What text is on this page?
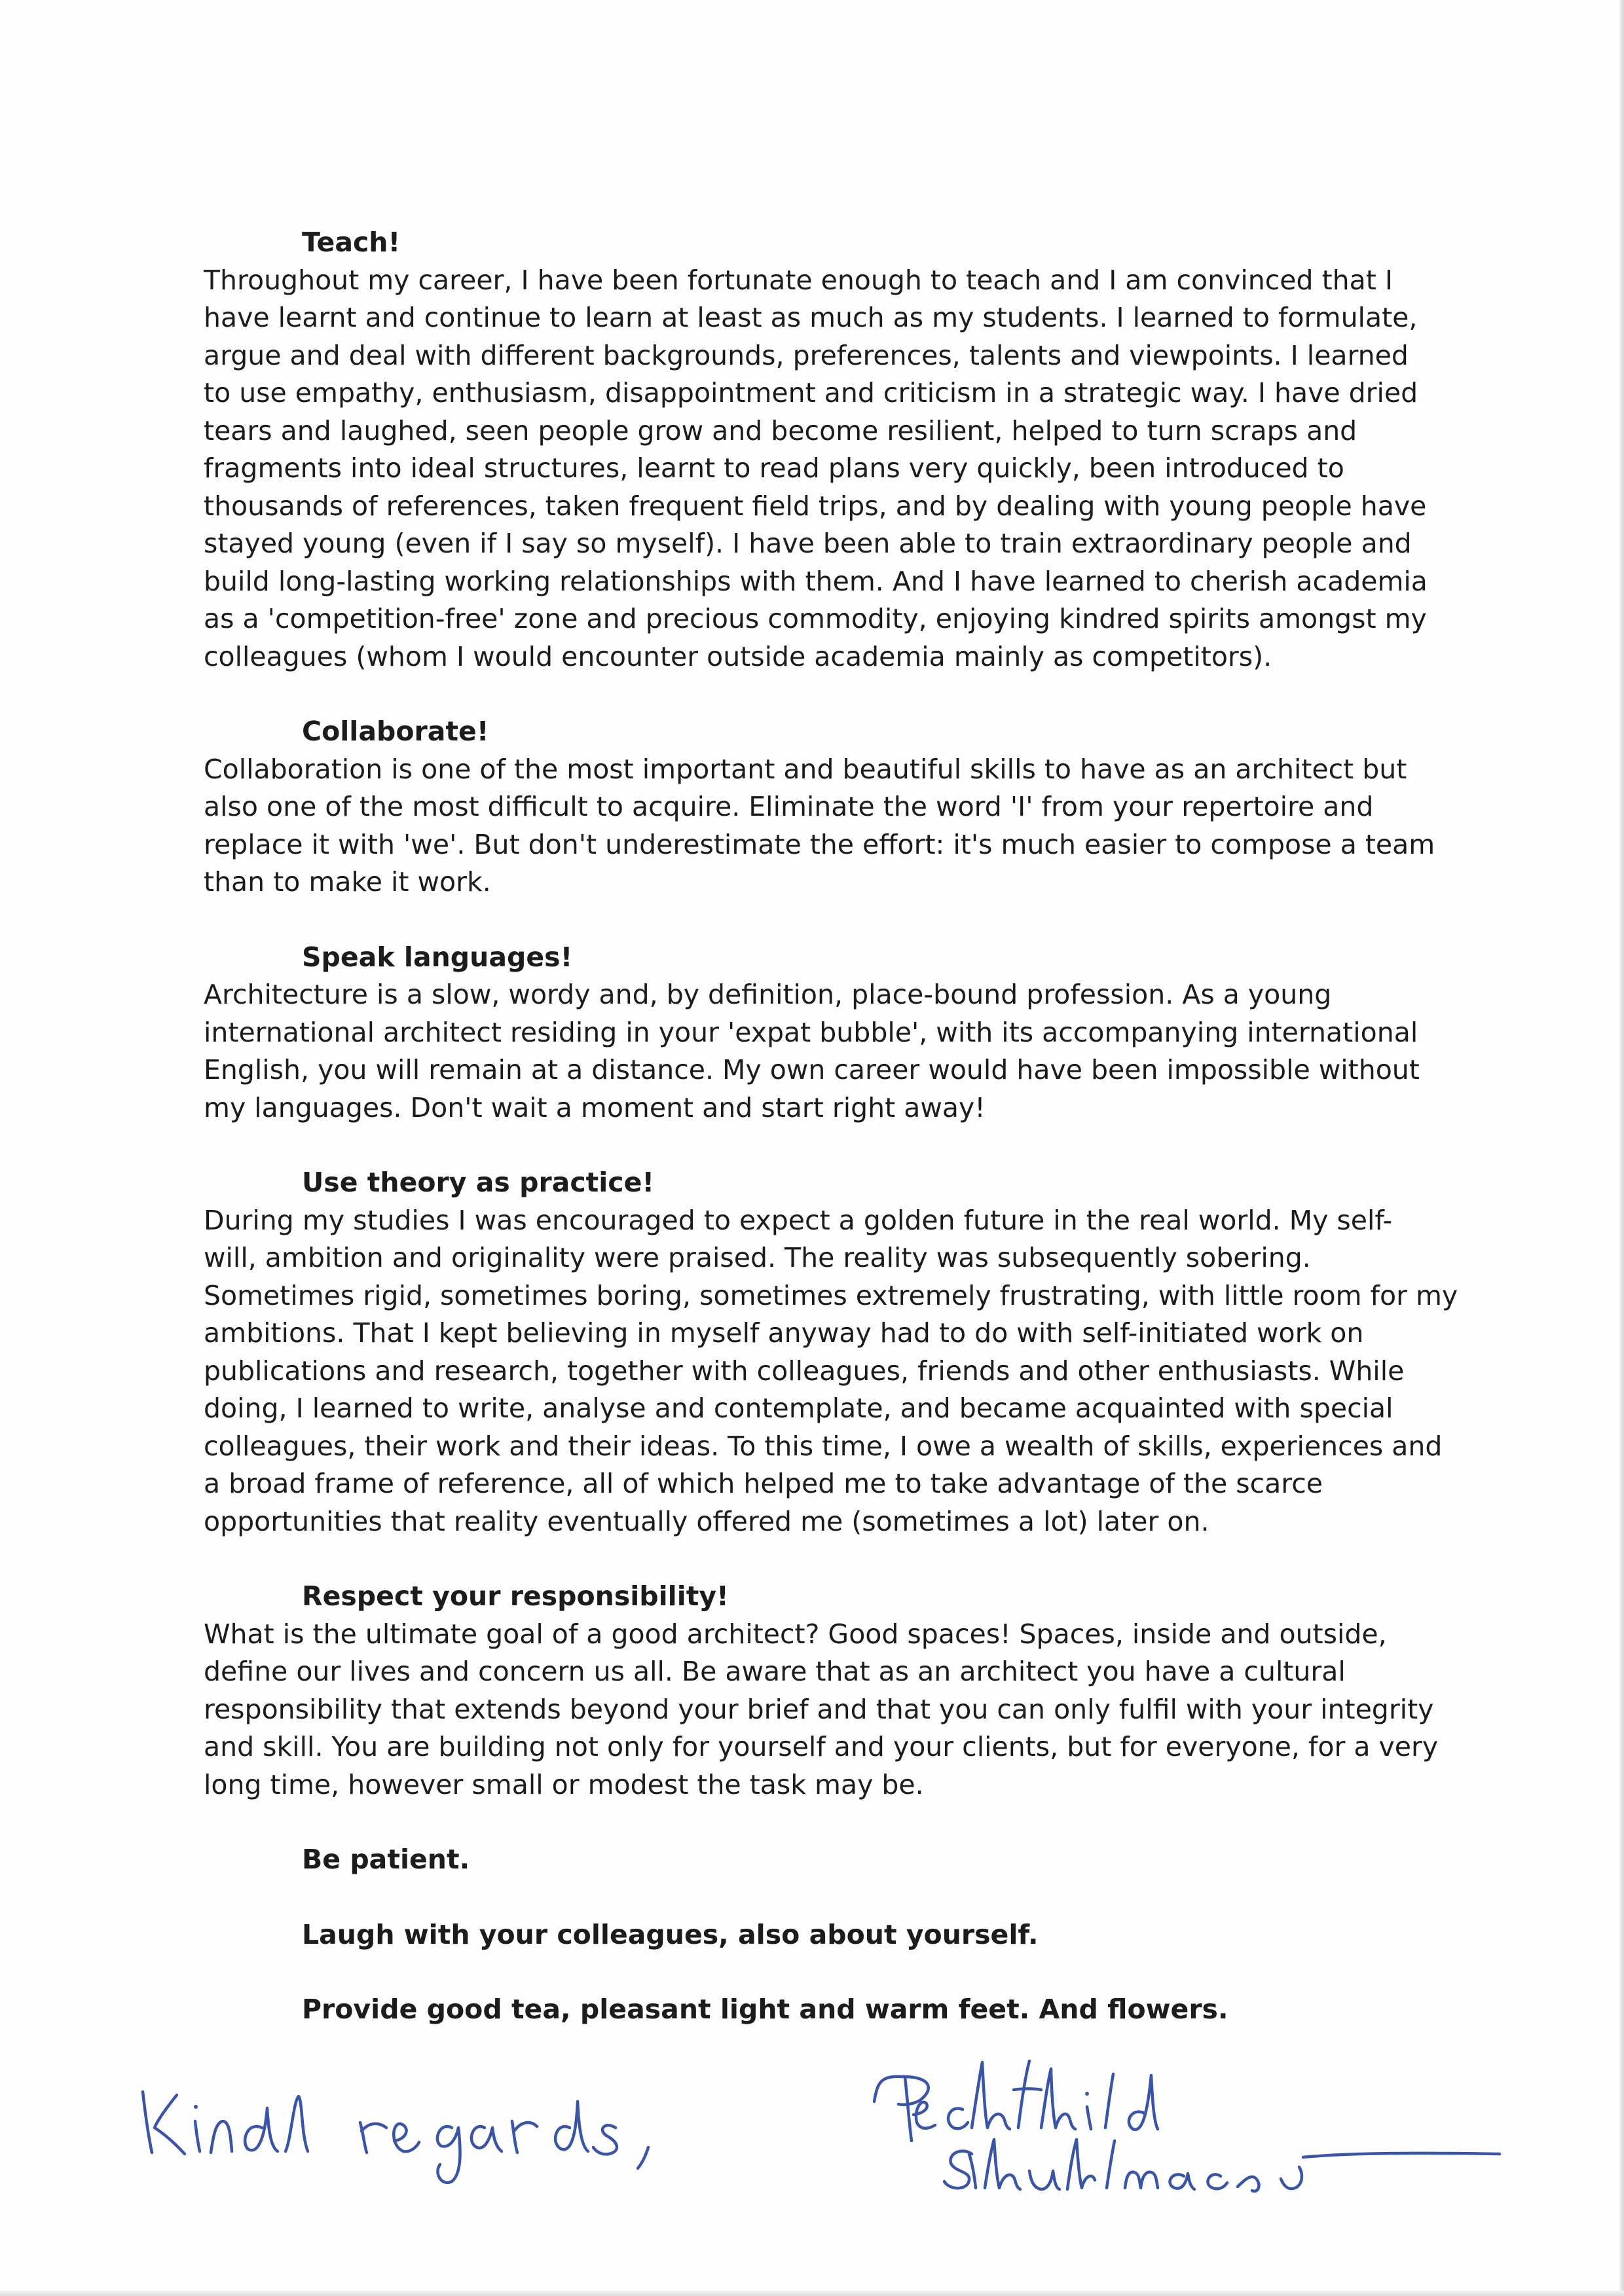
Teach!
Throughout my career, I have been fortunate enough to teach and I am convinced that I
have learnt and continue to learn at least as much as my students. I learned to formulate,
argue and deal with different backgrounds, preferences, talents and viewpoints. I learned
to use empathy, enthusiasm, disappointment and criticism in a strategic way. I have dried
tears and laughed, seen people grow and become resilient, helped to turn scraps and
fragments into ideal structures, learnt to read plans very quickly, been introduced to
thousands of references, taken frequent field trips, and by dealing with young people have
stayed young (even if I say so myself). I have been able to train extraordinary people and
build long-lasting working relationships with them. And I have learned to cherish academia
as a 'competition-free' zone and precious commodity, enjoying kindred spirits amongst my
colleagues (whom I would encounter outside academia mainly as competitors).
Collaborate!
Collaboration is one of the most important and beautiful skills to have as an architect but
also one of the most difficult to acquire. Eliminate the word 'I' from your repertoire and
replace it with 'we'. But don't underestimate the effort: it's much easier to compose a team
than to make it work.
Speak languages!
Architecture is a slow, wordy and, by definition, place-bound profession. As a young
international architect residing in your 'expat bubble', with its accompanying international
English, you will remain at a distance. My own career would have been impossible without
my languages. Don't wait a moment and start right away!
Use theory as practice!
During my studies I was encouraged to expect a golden future in the real world. My self-
will, ambition and originality were praised. The reality was subsequently sobering.
Sometimes rigid, sometimes boring, sometimes extremely frustrating, with little room for my
ambitions. That I kept believing in myself anyway had to do with self-initiated work on
publications and research, together with colleagues, friends and other enthusiasts. While
doing, I learned to write, analyse and contemplate, and became acquainted with special
colleagues, their work and their ideas. To this time, I owe a wealth of skills, experiences and
a broad frame of reference, all of which helped me to take advantage of the scarce
opportunities that reality eventually offered me (sometimes a lot) later on.
Respect your responsibility!
What is the ultimate goal of a good architect? Good spaces! Spaces, inside and outside,
define our lives and concern us all. Be aware that as an architect you have a cultural
responsibility that extends beyond your brief and that you can only fulfil with your integrity
and skill. You are building not only for yourself and your clients, but for everyone, for a very
long time, however small or modest the task may be.
Be patient.
Laugh with your colleagues, also about yourself.
Provide good tea, pleasant light and warm feet. And flowers.
